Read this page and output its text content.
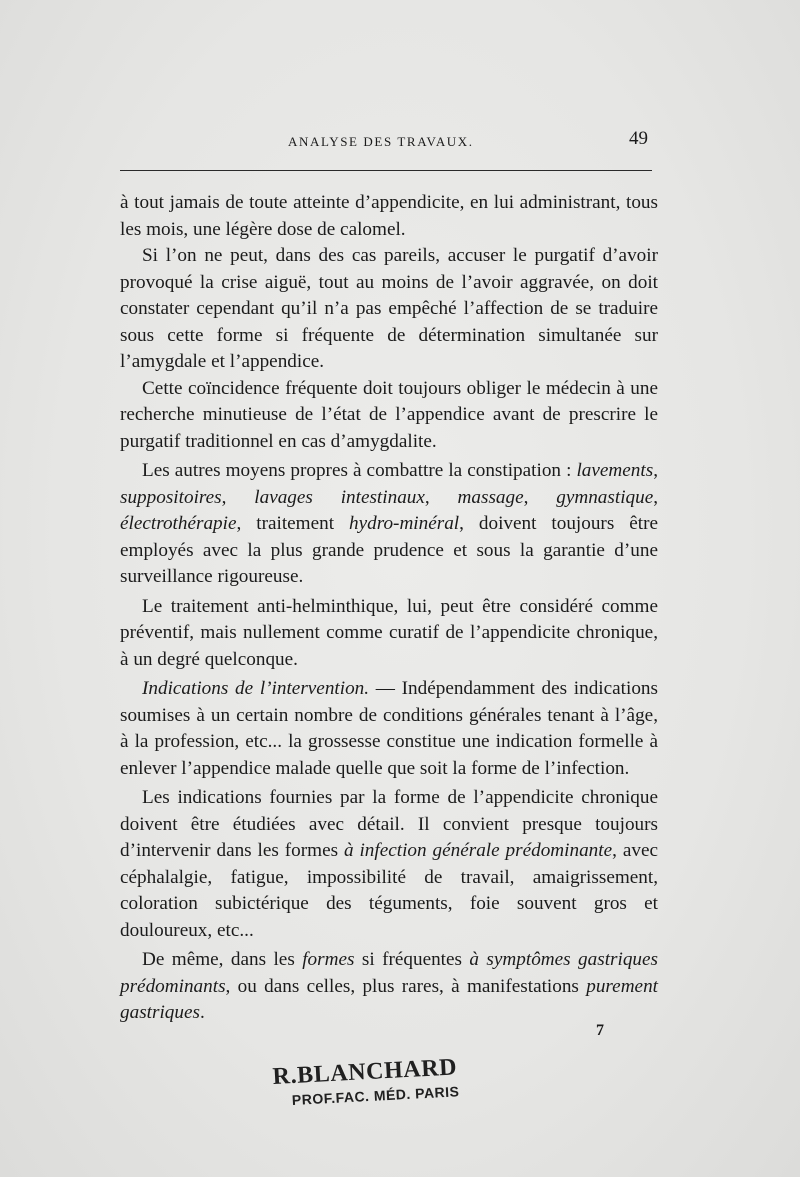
ANALYSE DES TRAVAUX.	49

à tout jamais de toute atteinte d’appendicite, en lui administrant, tous les mois, une légère dose de calomel.

Si l’on ne peut, dans des cas pareils, accuser le purgatif d’avoir provoqué la crise aiguë, tout au moins de l’avoir aggravée, on doit constater cependant qu’il n’a pas empêché l’affection de se traduire sous cette forme si fréquente de détermination simultanée sur l’amygdale et l’appendice.

Cette coïncidence fréquente doit toujours obliger le médecin à une recherche minutieuse de l’état de l’appendice avant de prescrire le purgatif traditionnel en cas d’amygdalite.

Les autres moyens propres à combattre la constipation : lavements, suppositoires, lavages intestinaux, massage, gymnastique, électrothérapie, traitement hydro-minéral, doivent toujours être employés avec la plus grande prudence et sous la garantie d’une surveillance rigoureuse.

Le traitement anti-helminthique, lui, peut être considéré comme préventif, mais nullement comme curatif de l’appendicite chronique, à un degré quelconque.

Indications de l’intervention. — Indépendamment des indications soumises à un certain nombre de conditions générales tenant à l’âge, à la profession, etc... la grossesse constitue une indication formelle à enlever l’appendice malade quelle que soit la forme de l’infection.

Les indications fournies par la forme de l’appendicite chronique doivent être étudiées avec détail. Il convient presque toujours d’intervenir dans les formes à infection générale prédominante, avec céphalalgie, fatigue, impossibilité de travail, amaigrissement, coloration subictérique des téguments, foie souvent gros et douloureux, etc...

De même, dans les formes si fréquentes à symptômes gastriques prédominants, ou dans celles, plus rares, à manifestations purement gastriques.

7
R.BLANCHARD
PROF.FAC. MÉD. PARIS
